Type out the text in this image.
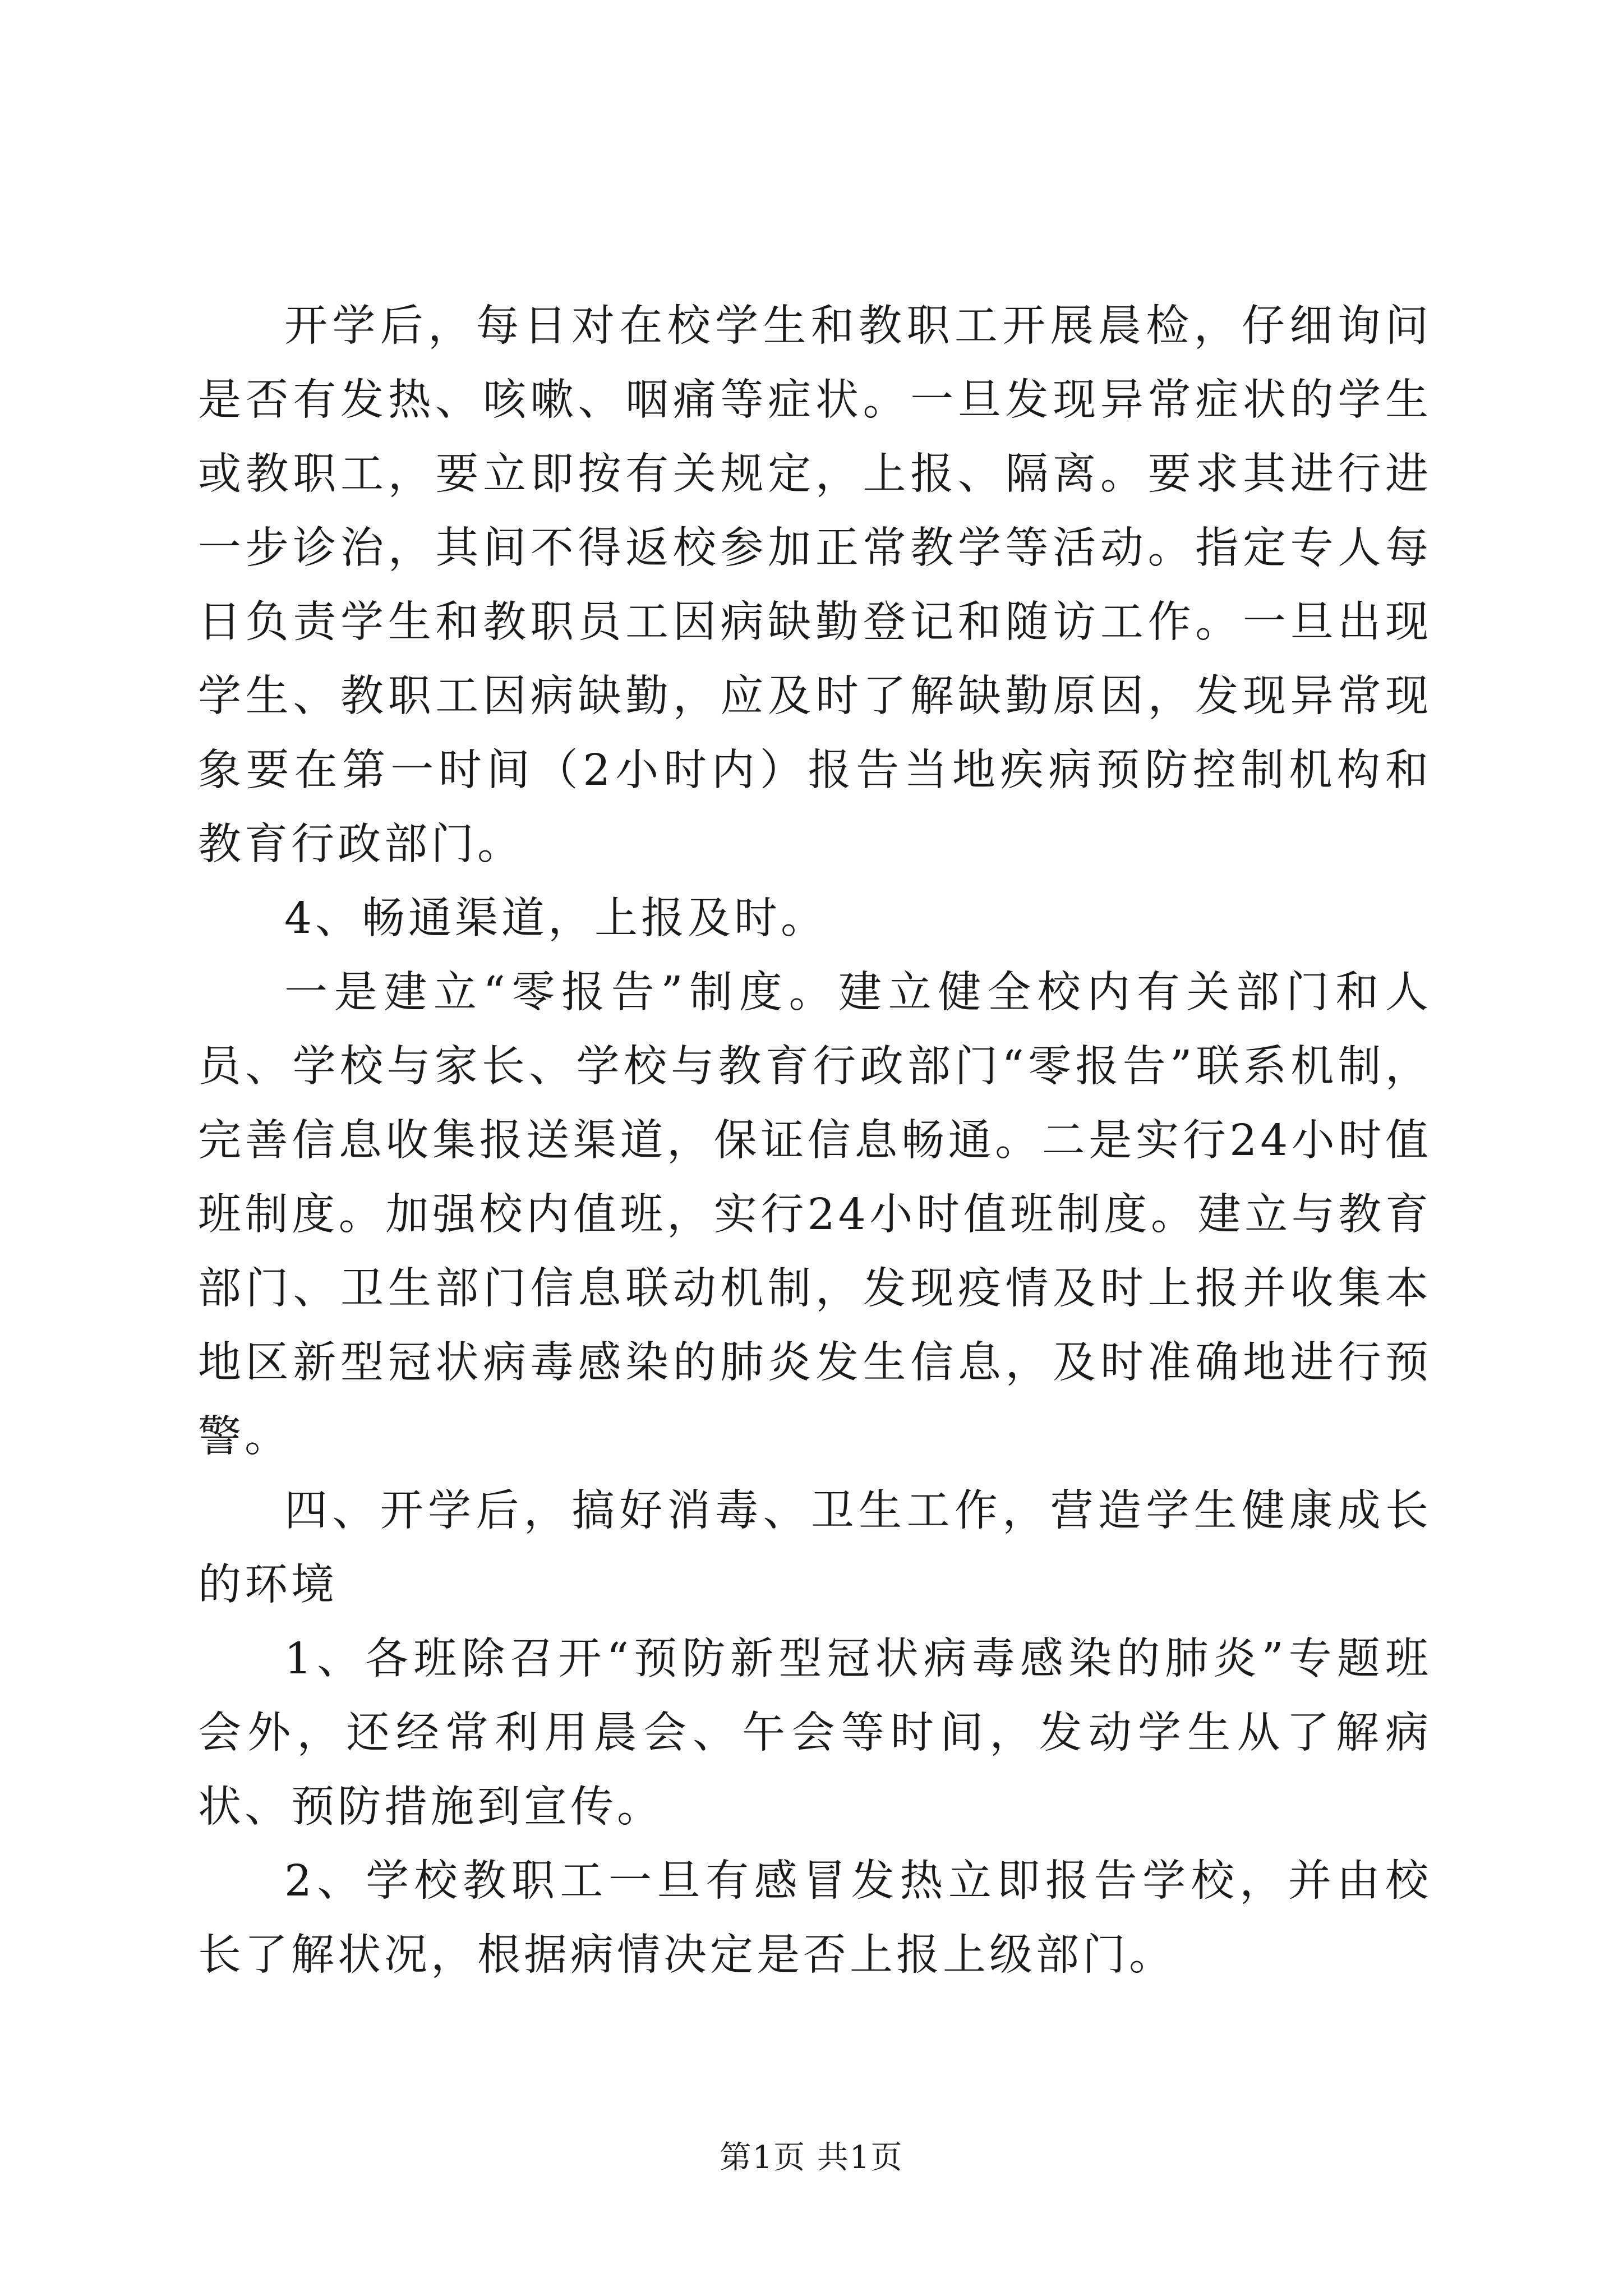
开学后，每日对在校学生和教职工开展晨检，仔细询问是否有发热、咳嗽、咽痛等症状。一旦发现异常症状的学生或教职工，要立即按有关规定，上报、隔离。要求其进行进一步诊治，其间不得返校参加正常教学等活动。指定专人每日负责学生和教职员工因病缺勤登记和随访工作。一旦出现学生、教职工因病缺勤，应及时了解缺勤原因，发现异常现象要在第一时间（2小时内）报告当地疾病预防控制机构和教育行政部门。

4、畅通渠道，上报及时。

一是建立“零报告”制度。建立健全校内有关部门和人员、学校与家长、学校与教育行政部门“零报告”联系机制，完善信息收集报送渠道，保证信息畅通。二是实行24小时值班制度。加强校内值班，实行24小时值班制度。建立与教育部门、卫生部门信息联动机制，发现疫情及时上报并收集本地区新型冠状病毒感染的肺炎发生信息，及时准确地进行预警。

四、开学后，搞好消毒、卫生工作，营造学生健康成长的环境

1、各班除召开“预防新型冠状病毒感染的肺炎”专题班会外，还经常利用晨会、午会等时间，发动学生从了解病状、预防措施到宣传。

2、学校教职工一旦有感冒发热立即报告学校，并由校长了解状况，根据病情决定是否上报上级部门。

第1页 共1页
